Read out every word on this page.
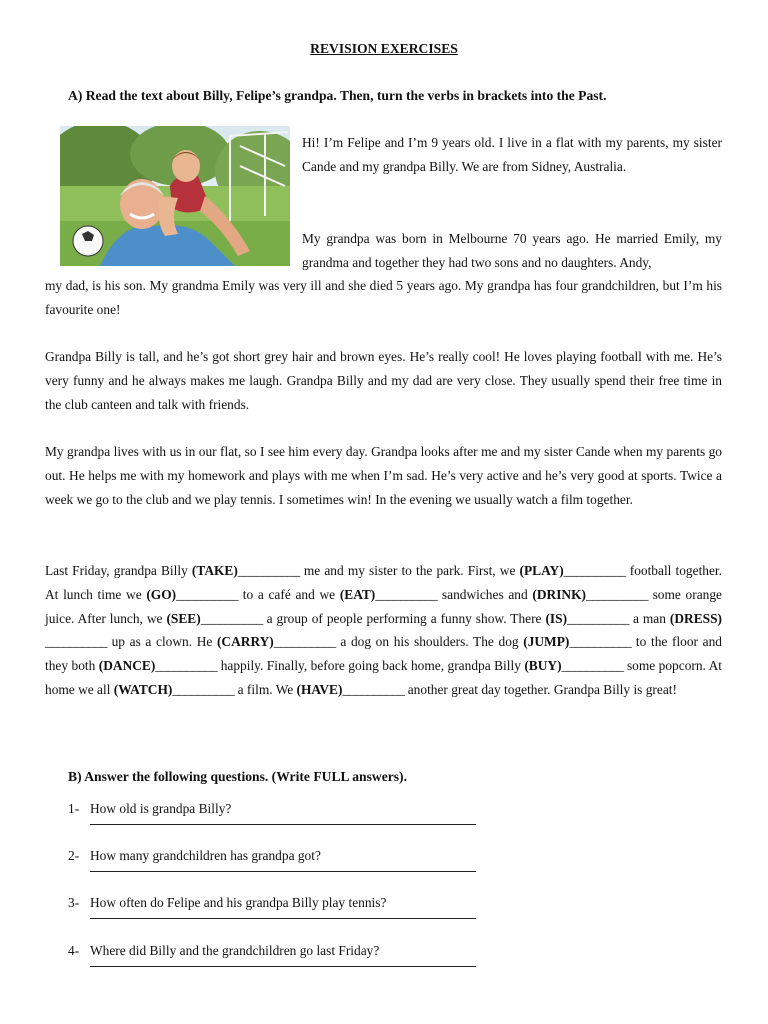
REVISION EXERCISES
A) Read the text about Billy, Felipe’s grandpa. Then, turn the verbs in brackets into the Past.

Hi! I’m Felipe and I’m 9 years old. I live in a flat with my parents, my sister Cande and my grandpa Billy. We are from Sidney, Australia.

My grandpa was born in Melbourne 70 years ago. He married Emily, my grandma and together they had two sons and no daughters. Andy,

my dad, is his son. My grandma Emily was very ill and she died 5 years ago. My grandpa has four grandchildren, but I’m his favourite one!

Grandpa Billy is tall, and he’s got short grey hair and brown eyes. He’s really cool! He loves playing football with me. He’s very funny and he always makes me laugh. Grandpa Billy and my dad are very close. They usually spend their free time in the club canteen and talk with friends.

My grandpa lives with us in our flat, so I see him every day. Grandpa looks after me and my sister Cande when my parents go out. He helps me with my homework and plays with me when I’m sad. He’s very active and he’s very good at sports. Twice a week we go to the club and we play tennis. I sometimes win! In the evening we usually watch a film together.

Last Friday, grandpa Billy (TAKE)__________ me and my sister to the park. First, we (PLAY)__________ football together. At lunch time we (GO)__________ to a café and we (EAT)__________ sandwiches and (DRINK)__________ some orange juice. After lunch, we (SEE)__________ a group of people performing a funny show. There (IS)__________ a man (DRESS)__________ up as a clown. He (CARRY)__________ a dog on his shoulders. The dog (JUMP)__________ to the floor and they both (DANCE)__________ happily. Finally, before going back home, grandpa Billy (BUY)__________ some popcorn. At home we all (WATCH)__________ a film. We (HAVE)__________ another great day together. Grandpa Billy is great!

B) Answer the following questions. (Write FULL answers).
1- How old is grandpa Billy?
2- How many grandchildren has grandpa got?
3- How often do Felipe and his grandpa Billy play tennis?
4- Where did Billy and the grandchildren go last Friday?
